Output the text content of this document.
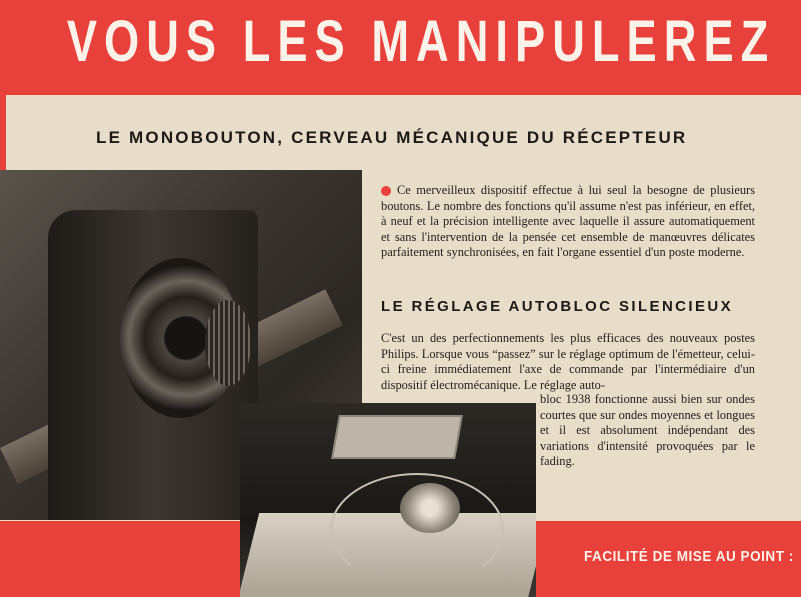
VOUS LES MANIPULEREZ
LE MONOBOUTON, CERVEAU MÉCANIQUE DU RÉCEPTEUR

Ce merveilleux dispositif effectue à lui seul la besogne de plusieurs boutons. Le nombre des fonctions qu'il assume n'est pas inférieur, en effet, à neuf et la précision intelligente avec laquelle il assure automatiquement et sans l'intervention de la pensée cet ensemble de manœuvres délicates parfaitement synchronisées, en fait l'organe essentiel d'un poste moderne.

LE RÉGLAGE AUTOBLOC SILENCIEUX

C'est un des perfectionnements les plus efficaces des nouveaux postes Philips. Lorsque vous “passez” sur le réglage optimum de l'émetteur, celui-ci freine immédiatement l'axe de commande par l'intermédiaire d'un dispositif électromécanique. Le réglage auto-

bloc 1938 fonctionne aussi bien sur ondes courtes que sur ondes moyennes et longues et il est absolument indépendant des variations d'intensité provoquées par le fading.

FACILITÉ DE MISE AU POINT :
